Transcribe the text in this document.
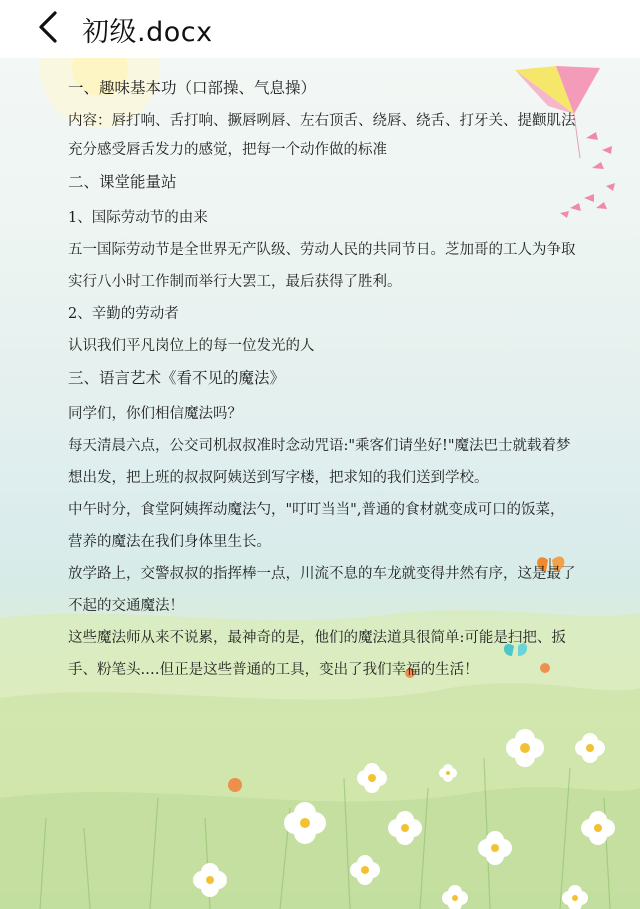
初级.docx

一、趣味基本功（口部操、气息操）

内容：唇打响、舌打响、撅唇咧唇、左右顶舌、绕唇、绕舌、打牙关、提颧肌法

充分感受唇舌发力的感觉，把每一个动作做的标准

二、课堂能量站

1、国际劳动节的由来

五一国际劳动节是全世界无产队级、劳动人民的共同节日。芝加哥的工人为争取

实行八小时工作制而举行大罢工，最后获得了胜利。

2、辛勤的劳动者

认识我们平凡岗位上的每一位发光的人

三、语言艺术《看不见的魔法》

同学们，你们相信魔法吗？

每天清晨六点，公交司机叔叔准时念动咒语:"乘客们请坐好!"魔法巴士就载着梦

想出发，把上班的叔叔阿姨送到写字楼，把求知的我们送到学校。

中午时分，食堂阿姨挥动魔法勺，"叮叮当当",普通的食材就变成可口的饭菜，

营养的魔法在我们身体里生长。

放学路上，交警叔叔的指挥棒一点，川流不息的车龙就变得井然有序，这是最了

不起的交通魔法！

这些魔法师从来不说累，最神奇的是，他们的魔法道具很简单:可能是扫把、扳

手、粉笔头.…但正是这些普通的工具，变出了我们幸福的生活！
